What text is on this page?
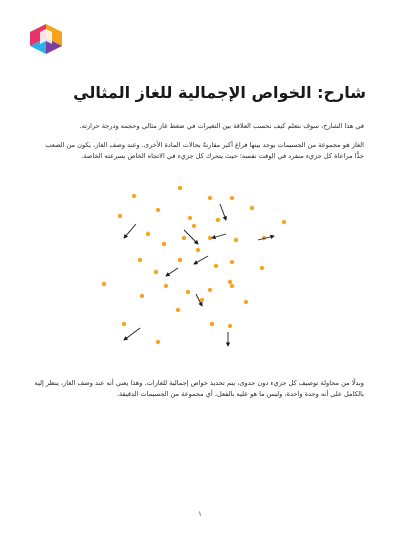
شارح: الخواص الإجمالية للغاز المثالي

في هذا الشارح، سوف نتعلم كيف نحسب العلاقة بين التغيرات في ضغط غاز مثالي وحجمه ودرجة حرارته.

الغاز هو مجموعة من الجسيمات يوجد بينها فراغ أكبر مقارنةً بحالات المادة الأخرى. وعند وصف الغاز، يكون من الصعب جدًّا مراعاة كل جزيء منفرد في الوقت نفسه؛ حيث يتحرك كل جزيء في الاتجاه الخاص بسرعته الخاصة.

وبدلًا من محاولة توصيف كل جزيء دون جدوى، يتم تحديد خواص إجمالية للغازات. وهذا يعني أنه عند وصف الغاز، ينظر إليه بالكامل على أنه وحدة واحدة، وليس ما هو عليه بالفعل، أي مجموعة من الجسيمات الدقيقة.

١
